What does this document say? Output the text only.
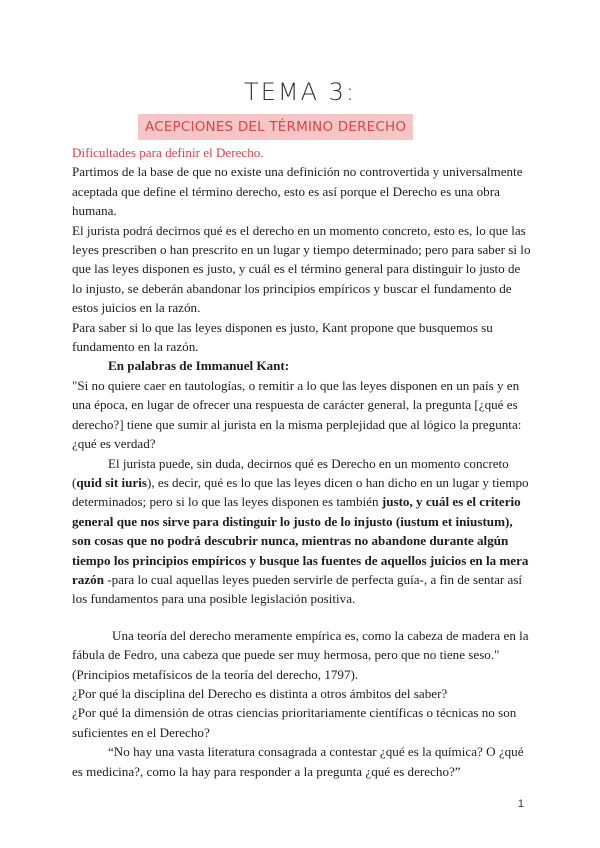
TEMA 3:
ACEPCIONES DEL TÉRMINO DERECHO

Dificultades para definir el Derecho.

Partimos de la base de que no existe una definición no controvertida y universalmente aceptada que define el término derecho, esto es así porque el Derecho es una obra humana.

El jurista podrá decirnos qué es el derecho en un momento concreto, esto es, lo que las leyes prescriben o han prescrito en un lugar y tiempo determinado; pero para saber si lo que las leyes disponen es justo, y cuál es el término general para distinguir lo justo de lo injusto, se deberán abandonar los principios empíricos y buscar el fundamento de estos juicios en la razón.

Para saber si lo que las leyes disponen es justo, Kant propone que busquemos su fundamento en la razón.

En palabras de Immanuel Kant:

"Si no quiere caer en tautologías, o remitir a lo que las leyes disponen en un país y en una época, en lugar de ofrecer una respuesta de carácter general, la pregunta [¿qué es derecho?] tiene que sumir al jurista en la misma perplejidad que al lógico la pregunta: ¿qué es verdad?

El jurista puede, sin duda, decirnos qué es Derecho en un momento concreto (quid sit iuris), es decir, qué es lo que las leyes dicen o han dicho en un lugar y tiempo determinados; pero si lo que las leyes disponen es también justo, y cuál es el criterio general que nos sirve para distinguir lo justo de lo injusto (iustum et iniustum), son cosas que no podrá descubrir nunca, mientras no abandone durante algún tiempo los principios empíricos y busque las fuentes de aquellos juicios en la mera razón -para lo cual aquellas leyes pueden servirle de perfecta guía-, a fin de sentar así los fundamentos para una posible legislación positiva.

Una teoría del derecho meramente empírica es, como la cabeza de madera en la fábula de Fedro, una cabeza que puede ser muy hermosa, pero que no tiene seso." (Principios metafísicos de la teoría del derecho, 1797).

¿Por qué la disciplina del Derecho es distinta a otros ámbitos del saber?

¿Por qué la dimensión de otras ciencias prioritariamente científicas o técnicas no son suficientes en el Derecho?

“No hay una vasta literatura consagrada a contestar ¿qué es la química? O ¿qué es medicina?, como la hay para responder a la pregunta ¿qué es derecho?”

1
